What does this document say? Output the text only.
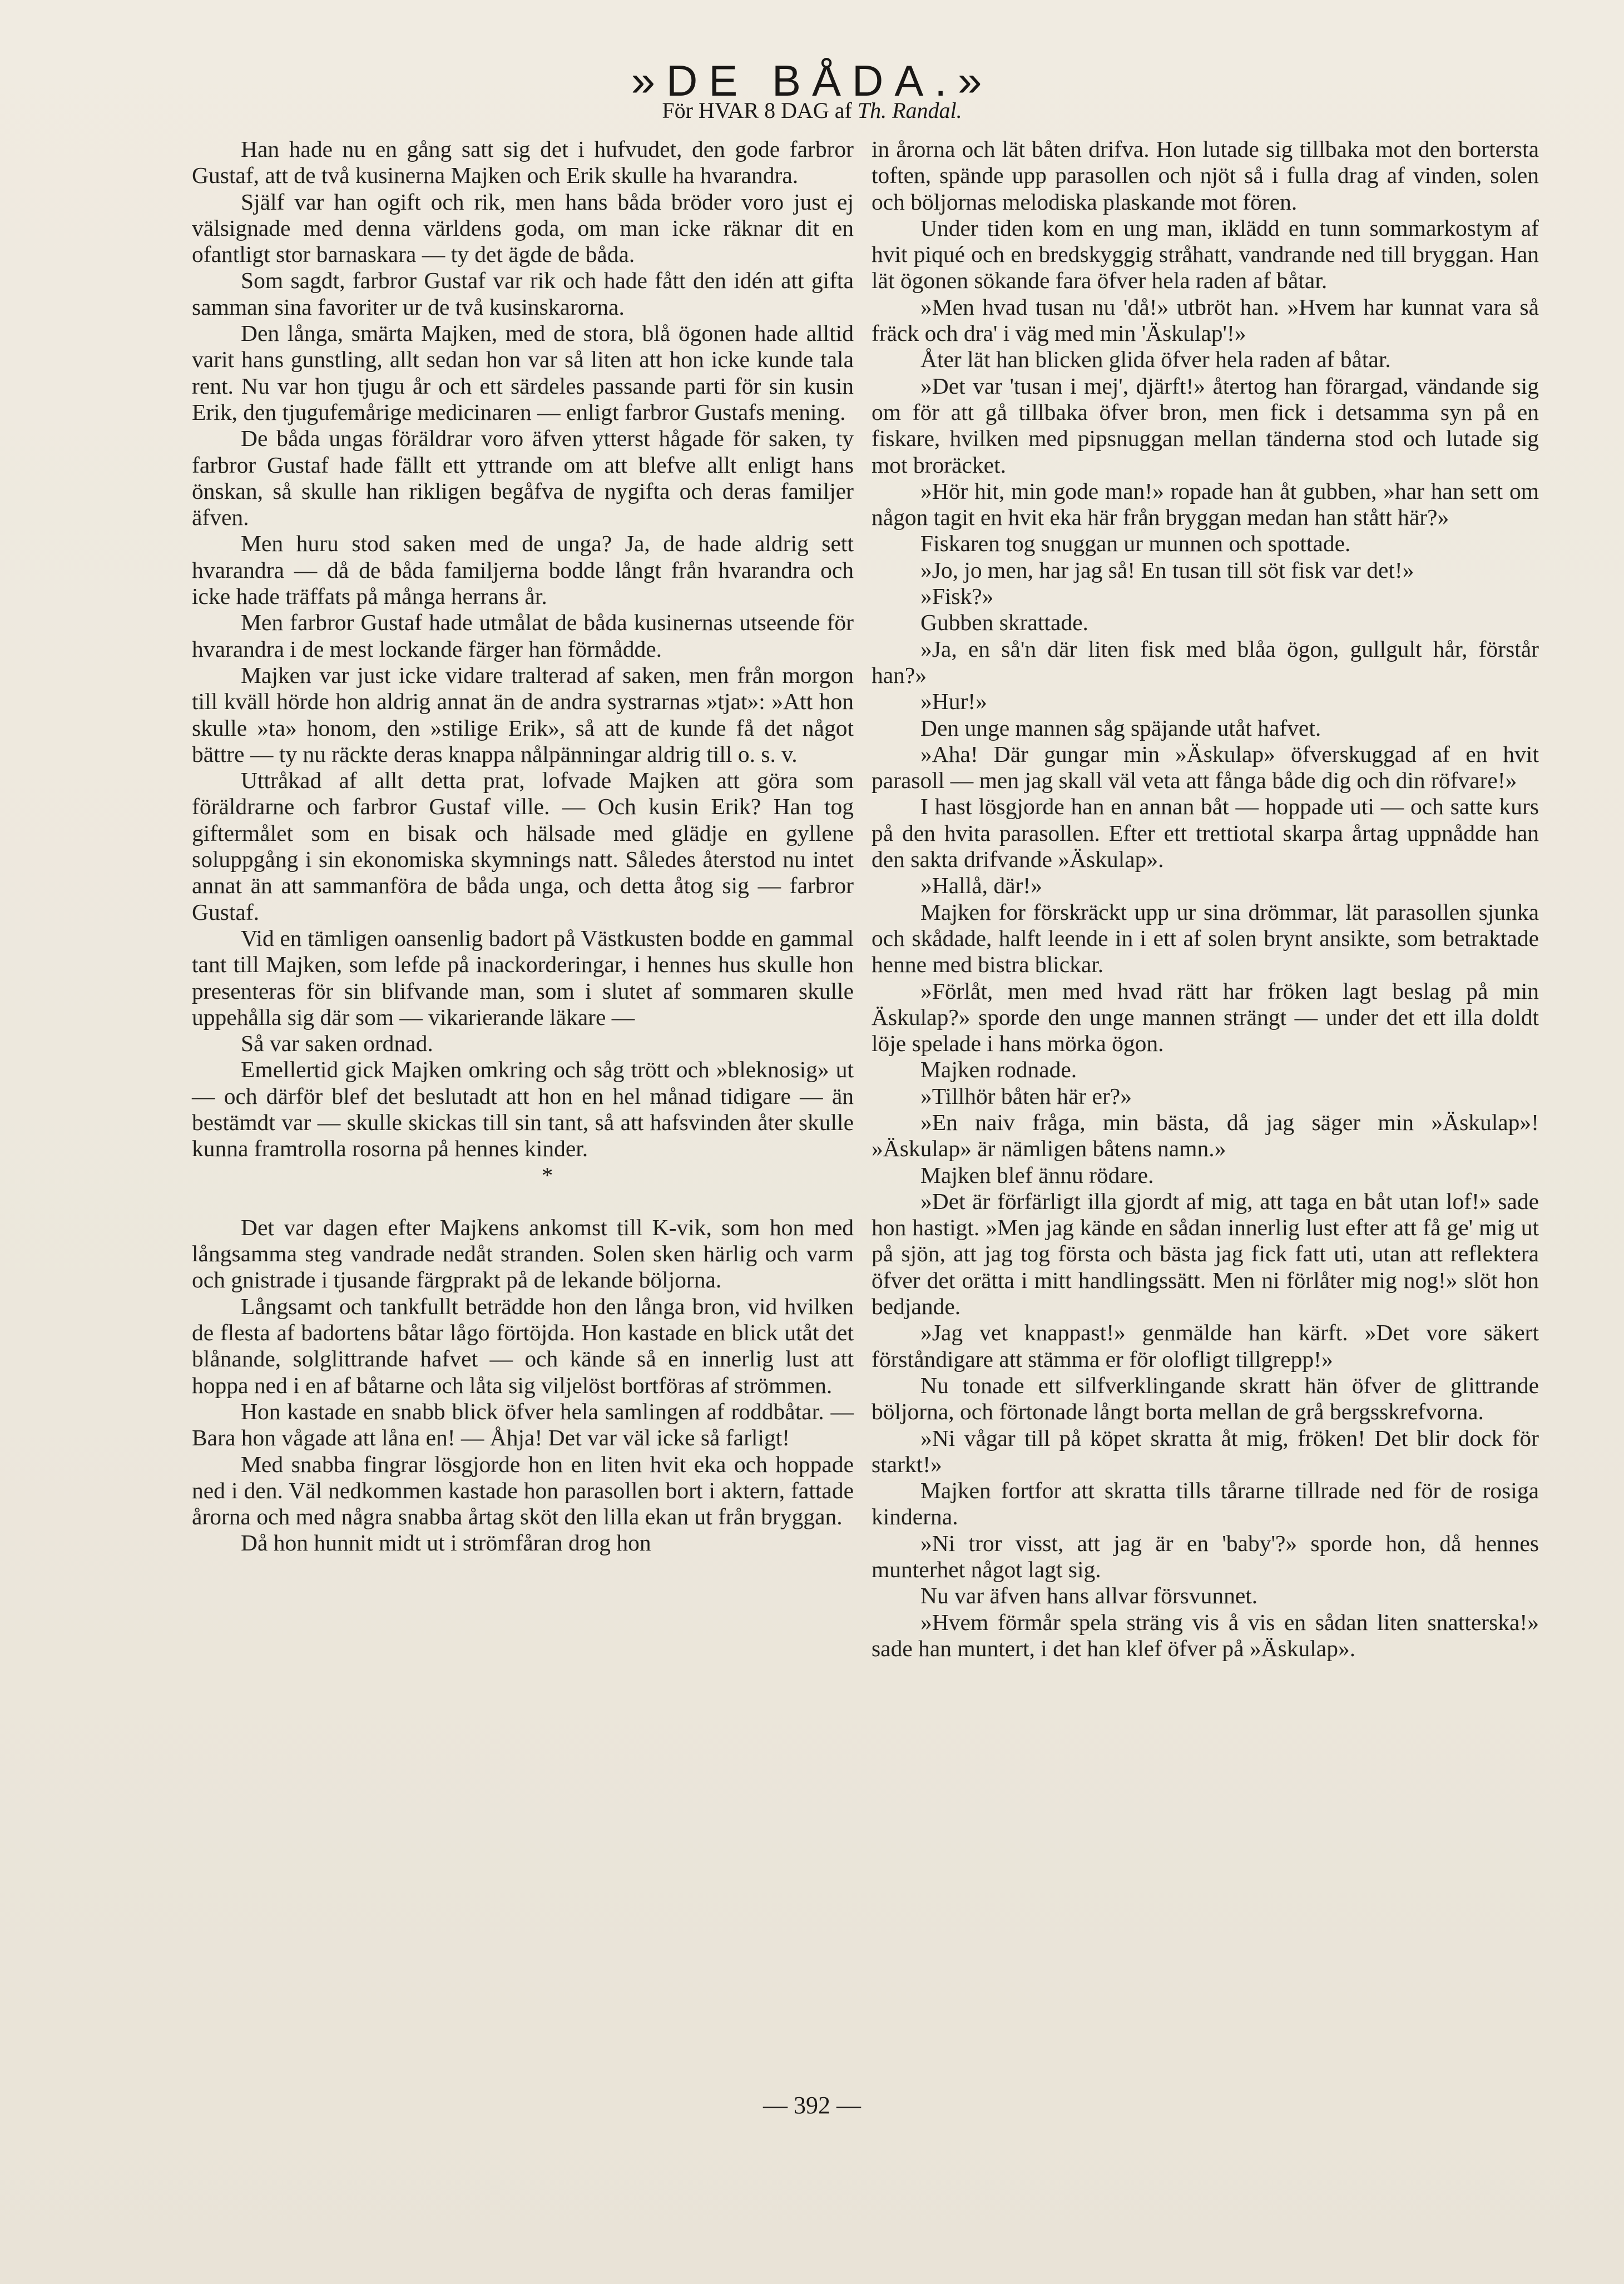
»DE BÅDA.»
För HVAR 8 DAG af Th. Randal.

Han hade nu en gång satt sig det i hufvudet, den gode farbror Gustaf, att de två kusinerna Majken och Erik skulle ha hvarandra.

Själf var han ogift och rik, men hans båda bröder voro just ej välsignade med denna världens goda, om man icke räknar dit en ofantligt stor barnaskara — ty det ägde de båda.

Som sagdt, farbror Gustaf var rik och hade fått den idén att gifta samman sina favoriter ur de två kusinskarorna.

Den långa, smärta Majken, med de stora, blå ögonen hade alltid varit hans gunstling, allt sedan hon var så liten att hon icke kunde tala rent. Nu var hon tjugu år och ett särdeles passande parti för sin kusin Erik, den tjugufemårige medicinaren — enligt farbror Gustafs mening.

De båda ungas föräldrar voro äfven ytterst hågade för saken, ty farbror Gustaf hade fällt ett yttrande om att blefve allt enligt hans önskan, så skulle han rikligen begåfva de nygifta och deras familjer äfven.

Men huru stod saken med de unga? Ja, de hade aldrig sett hvarandra — då de båda familjerna bodde långt från hvarandra och icke hade träffats på många herrans år.

Men farbror Gustaf hade utmålat de båda kusinernas utseende för hvarandra i de mest lockande färger han förmådde.

Majken var just icke vidare tralterad af saken, men från morgon till kväll hörde hon aldrig annat än de andra systrarnas »tjat»: »Att hon skulle »ta» honom, den »stilige Erik», så att de kunde få det något bättre — ty nu räckte deras knappa nålpänningar aldrig till o. s. v.

Uttråkad af allt detta prat, lofvade Majken att göra som föräldrarne och farbror Gustaf ville. — Och kusin Erik? Han tog giftermålet som en bisak och hälsade med glädje en gyllene soluppgång i sin ekonomiska skymnings natt. Således återstod nu intet annat än att sammanföra de båda unga, och detta åtog sig — farbror Gustaf.

Vid en tämligen oansenlig badort på Västkusten bodde en gammal tant till Majken, som lefde på inackorderingar, i hennes hus skulle hon presenteras för sin blifvande man, som i slutet af sommaren skulle uppehålla sig där som — vikarierande läkare —

Så var saken ordnad.

Emellertid gick Majken omkring och såg trött och »bleknosig» ut — och därför blef det beslutadt att hon en hel månad tidigare — än bestämdt var — skulle skickas till sin tant, så att hafsvinden åter skulle kunna framtrolla rosorna på hennes kinder.

*

Det var dagen efter Majkens ankomst till K-vik, som hon med långsamma steg vandrade nedåt stranden. Solen sken härlig och varm och gnistrade i tjusande färgprakt på de lekande böljorna.

Långsamt och tankfullt beträdde hon den långa bron, vid hvilken de flesta af badortens båtar lågo förtöjda. Hon kastade en blick utåt det blånande, solglittrande hafvet — och kände så en innerlig lust att hoppa ned i en af båtarne och låta sig viljelöst bortföras af strömmen.

Hon kastade en snabb blick öfver hela samlingen af roddbåtar. — Bara hon vågade att låna en! — Åhja! Det var väl icke så farligt!

Med snabba fingrar lösgjorde hon en liten hvit eka och hoppade ned i den. Väl nedkommen kastade hon parasollen bort i aktern, fattade årorna och med några snabba årtag sköt den lilla ekan ut från bryggan.

Då hon hunnit midt ut i strömfåran drog hon

in årorna och lät båten drifva. Hon lutade sig tillbaka mot den bortersta toften, spände upp parasollen och njöt så i fulla drag af vinden, solen och böljornas melodiska plaskande mot fören.

Under tiden kom en ung man, iklädd en tunn sommarkostym af hvit piqué och en bredskyggig stråhatt, vandrande ned till bryggan. Han lät ögonen sökande fara öfver hela raden af båtar.

»Men hvad tusan nu 'då!» utbröt han. »Hvem har kunnat vara så fräck och dra' i väg med min 'Äskulap'!»

Åter lät han blicken glida öfver hela raden af båtar.

»Det var 'tusan i mej', djärft!» återtog han förargad, vändande sig om för att gå tillbaka öfver bron, men fick i detsamma syn på en fiskare, hvilken med pipsnuggan mellan tänderna stod och lutade sig mot broräcket.

»Hör hit, min gode man!» ropade han åt gubben, »har han sett om någon tagit en hvit eka här från bryggan medan han stått här?»

Fiskaren tog snuggan ur munnen och spottade.

»Jo, jo men, har jag så! En tusan till söt fisk var det!»

»Fisk?»

Gubben skrattade.

»Ja, en så'n där liten fisk med blåa ögon, gullgult hår, förstår han?»

»Hur!»

Den unge mannen såg späjande utåt hafvet.

»Aha! Där gungar min »Äskulap» öfverskuggad af en hvit parasoll — men jag skall väl veta att fånga både dig och din röfvare!»

I hast lösgjorde han en annan båt — hoppade uti — och satte kurs på den hvita parasollen. Efter ett trettiotal skarpa årtag uppnådde han den sakta drifvande »Äskulap».

»Hallå, där!»

Majken for förskräckt upp ur sina drömmar, lät parasollen sjunka och skådade, halft leende in i ett af solen brynt ansikte, som betraktade henne med bistra blickar.

»Förlåt, men med hvad rätt har fröken lagt beslag på min Äskulap?» sporde den unge mannen strängt — under det ett illa doldt löje spelade i hans mörka ögon.

Majken rodnade.

»Tillhör båten här er?»

»En naiv fråga, min bästa, då jag säger min »Äskulap»! »Äskulap» är nämligen båtens namn.»

Majken blef ännu rödare.

»Det är förfärligt illa gjordt af mig, att taga en båt utan lof!» sade hon hastigt. »Men jag kände en sådan innerlig lust efter att få ge' mig ut på sjön, att jag tog första och bästa jag fick fatt uti, utan att reflektera öfver det orätta i mitt handlingssätt. Men ni förlåter mig nog!» slöt hon bedjande.

»Jag vet knappast!» genmälde han kärft. »Det vore säkert förståndigare att stämma er för olofligt tillgrepp!»

Nu tonade ett silfverklingande skratt hän öfver de glittrande böljorna, och förtonade långt borta mellan de grå bergsskrefvorna.

»Ni vågar till på köpet skratta åt mig, fröken! Det blir dock för starkt!»

Majken fortfor att skratta tills tårarne tillrade ned för de rosiga kinderna.

»Ni tror visst, att jag är en 'baby'?» sporde hon, då hennes munterhet något lagt sig.

Nu var äfven hans allvar försvunnet.

»Hvem förmår spela sträng vis å vis en sådan liten snatterska!» sade han muntert, i det han klef öfver på »Äskulap».

— 392 —
